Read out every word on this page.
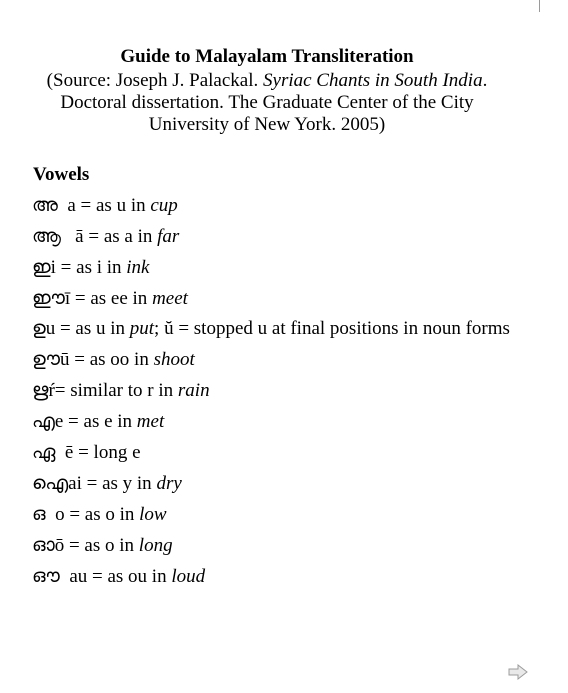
Guide to Malayalam Transliteration

(Source: Joseph J. Palackal. Syriac Chants in South India. Doctoral dissertation. The Graduate Center of the City University of New York. 2005)

Vowels

അ a = as u in cup
ആ ā = as a in far
ഇi = as i in ink
ഈī = as ee in meet
ഉu = as u in put; ŭ = stopped u at final positions in noun forms
ഊū = as oo in shoot
ഋŕ= similar to r in rain
എe = as e in met
ഏ ē = long e
ഐai = as y in dry
ഒ o = as o in low
ഓō = as o in long
ഔ au = as ou in loud
